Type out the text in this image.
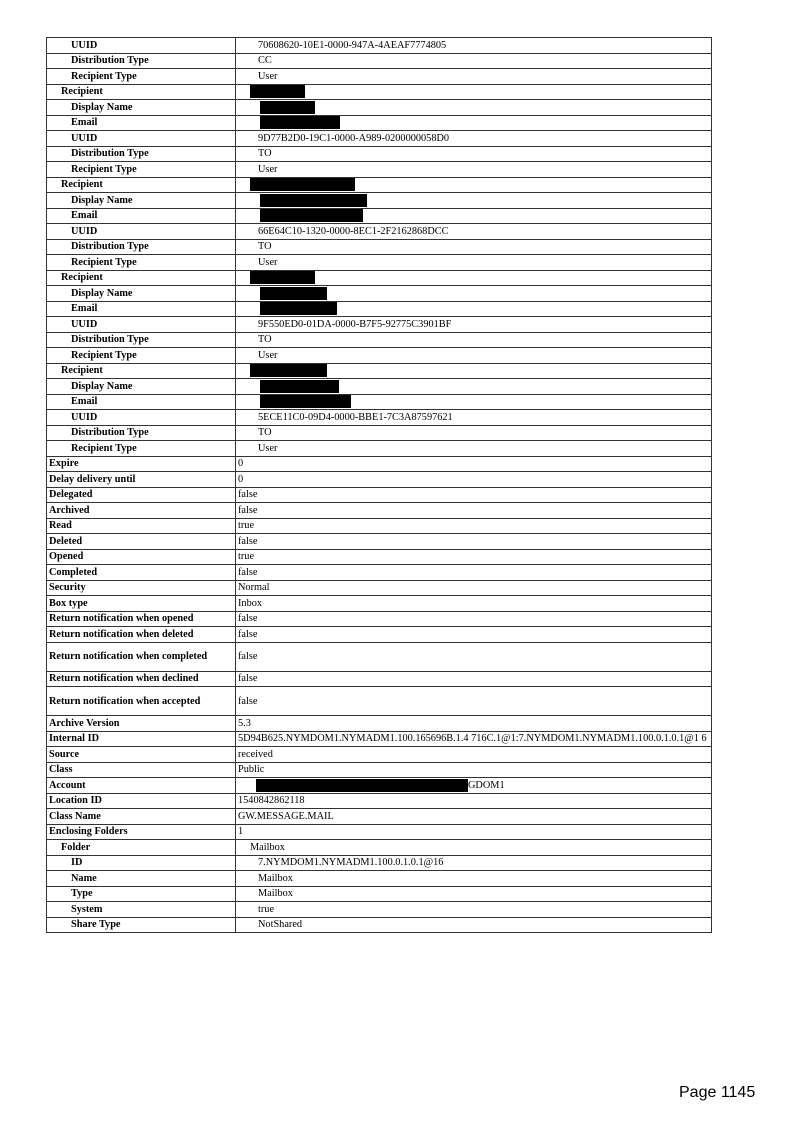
UUID	70608620-10E1-0000-947A-4AEAF7774805
Distribution Type	CC
Recipient Type	User
Recipient	
Display Name	
Email	
UUID	9D77B2D0-19C1-0000-A989-0200000058D0
Distribution Type	TO
Recipient Type	User
Recipient	
Display Name	
Email	
UUID	66E64C10-1320-0000-8EC1-2F2162868DCC
Distribution Type	TO
Recipient Type	User
Recipient	
Display Name	
Email	
UUID	9F550ED0-01DA-0000-B7F5-92775C3901BF
Distribution Type	TO
Recipient Type	User
Recipient	
Display Name	
Email	
UUID	5ECE11C0-09D4-0000-BBE1-7C3A87597621
Distribution Type	TO
Recipient Type	User
Expire	0
Delay delivery until	0
Delegated	false
Archived	false
Read	true
Deleted	false
Opened	true
Completed	false
Security	Normal
Box type	Inbox
Return notification when opened	false
Return notification when deleted	false
Return notification when completed	false
Return notification when declined	false
Return notification when accepted	false
Archive Version	5.3
Internal ID	5D94B625.NYMDOM1.NYMADM1.100.165696B.1.4 716C.1@1:7.NYMDOM1.NYMADM1.100.0.1.0.1@1 6
Source	received
Class	Public
Account	GDOM1
Location ID	1540842862118
Class Name	GW.MESSAGE.MAIL
Enclosing Folders	1
Folder	Mailbox
ID	7.NYMDOM1.NYMADM1.100.0.1.0.1@16
Name	Mailbox
Type	Mailbox
System	true
Share Type	NotShared
Page 1145
